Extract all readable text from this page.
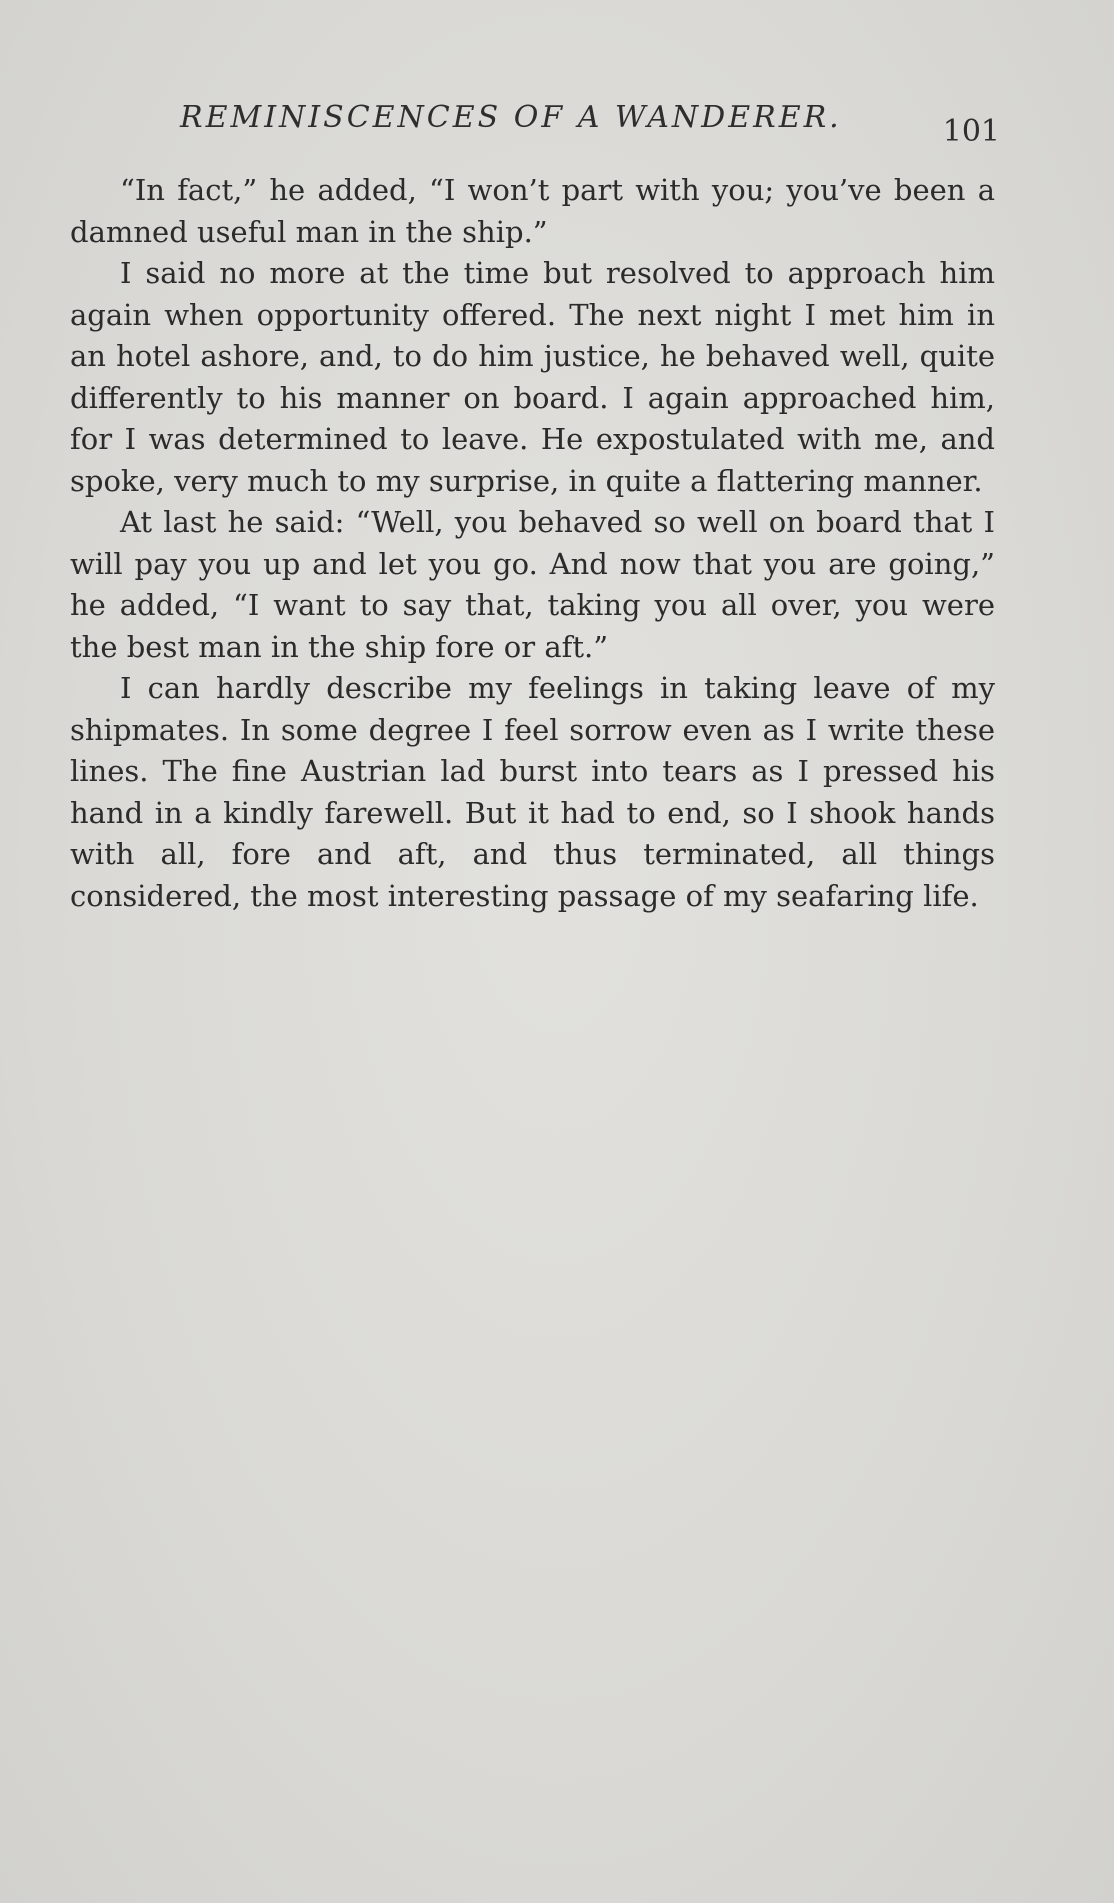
REMINISCENCES OF A WANDERER.	101

“In fact,” he added, “I won’t part with you; you’ve been a damned useful man in the ship.”

I said no more at the time but resolved to approach him again when opportunity offered. The next night I met him in an hotel ashore, and, to do him justice, he behaved well, quite differently to his manner on board. I again approached him, for I was determined to leave. He expostulated with me, and spoke, very much to my surprise, in quite a flattering manner.

At last he said: “Well, you behaved so well on board that I will pay you up and let you go. And now that you are going,” he added, “I want to say that, taking you all over, you were the best man in the ship fore or aft.”

I can hardly describe my feelings in taking leave of my shipmates. In some degree I feel sorrow even as I write these lines. The fine Austrian lad burst into tears as I pressed his hand in a kindly farewell. But it had to end, so I shook hands with all, fore and aft, and thus terminated, all things considered, the most interesting passage of my seafaring life.
